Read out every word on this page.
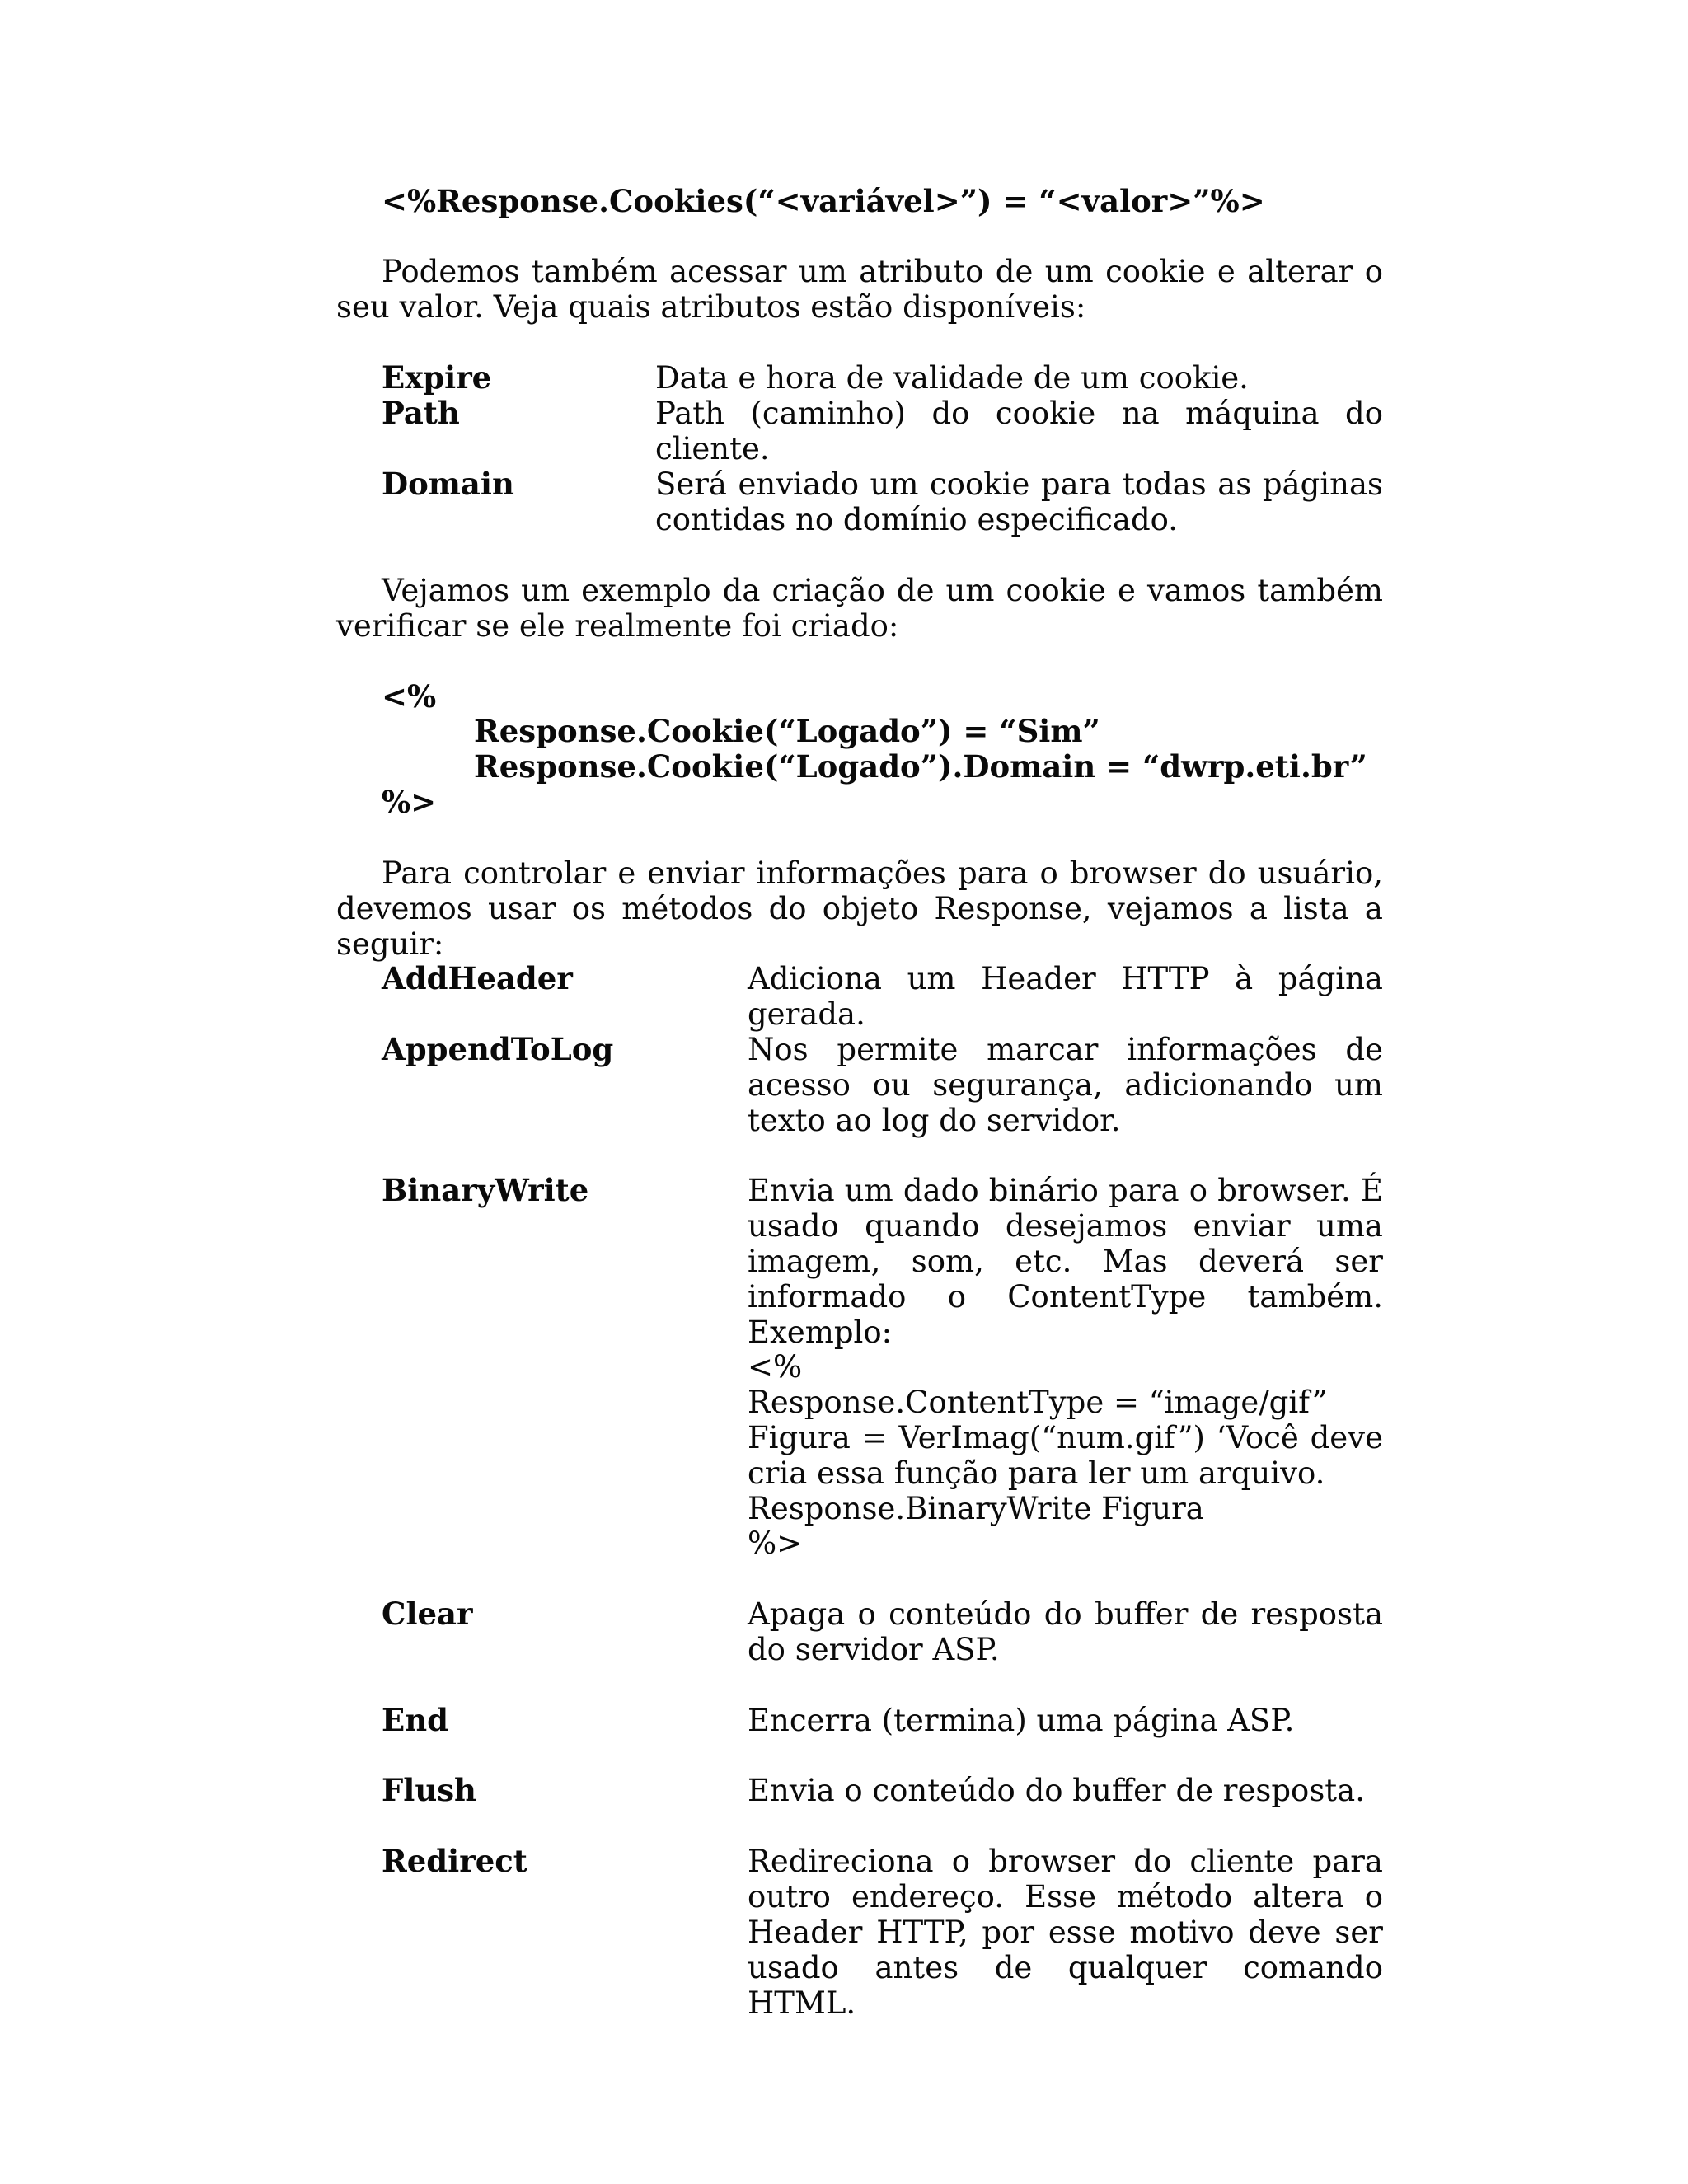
<%Response.Cookies(“<variável>”) = “<valor>”%>
Podemos também acessar um atributo de um cookie e alterar o seu valor. Veja quais atributos estão disponíveis:
Expire	Data e hora de validade de um cookie.
Path	Path (caminho) do cookie na máquina do cliente.
Domain	Será enviado um cookie para todas as páginas contidas no domínio especificado.
Vejamos um exemplo da criação de um cookie e vamos também verificar se ele realmente foi criado:
<%
Response.Cookie(“Logado”) = “Sim”
Response.Cookie(“Logado”).Domain = “dwrp.eti.br”
%>
Para controlar e enviar informações para o browser do usuário, devemos usar os métodos do objeto Response, vejamos a lista a seguir:
AddHeader	Adiciona um Header HTTP à página gerada.
AppendToLog	Nos permite marcar informações de acesso ou segurança, adicionando um texto ao log do servidor.
BinaryWrite	Envia um dado binário para o browser. É usado quando desejamos enviar uma imagem, som, etc. Mas deverá ser informado o ContentType também. Exemplo:
<%
Response.ContentType = “image/gif”
Figura = VerImag(“num.gif”) ‘Você deve cria essa função para ler um arquivo.
Response.BinaryWrite Figura
%>
Clear	Apaga o conteúdo do buffer de resposta do servidor ASP.
End	Encerra (termina) uma página ASP.
Flush	Envia o conteúdo do buffer de resposta.
Redirect	Redireciona o browser do cliente para outro endereço. Esse método altera o Header HTTP, por esse motivo deve ser usado antes de qualquer comando HTML.
